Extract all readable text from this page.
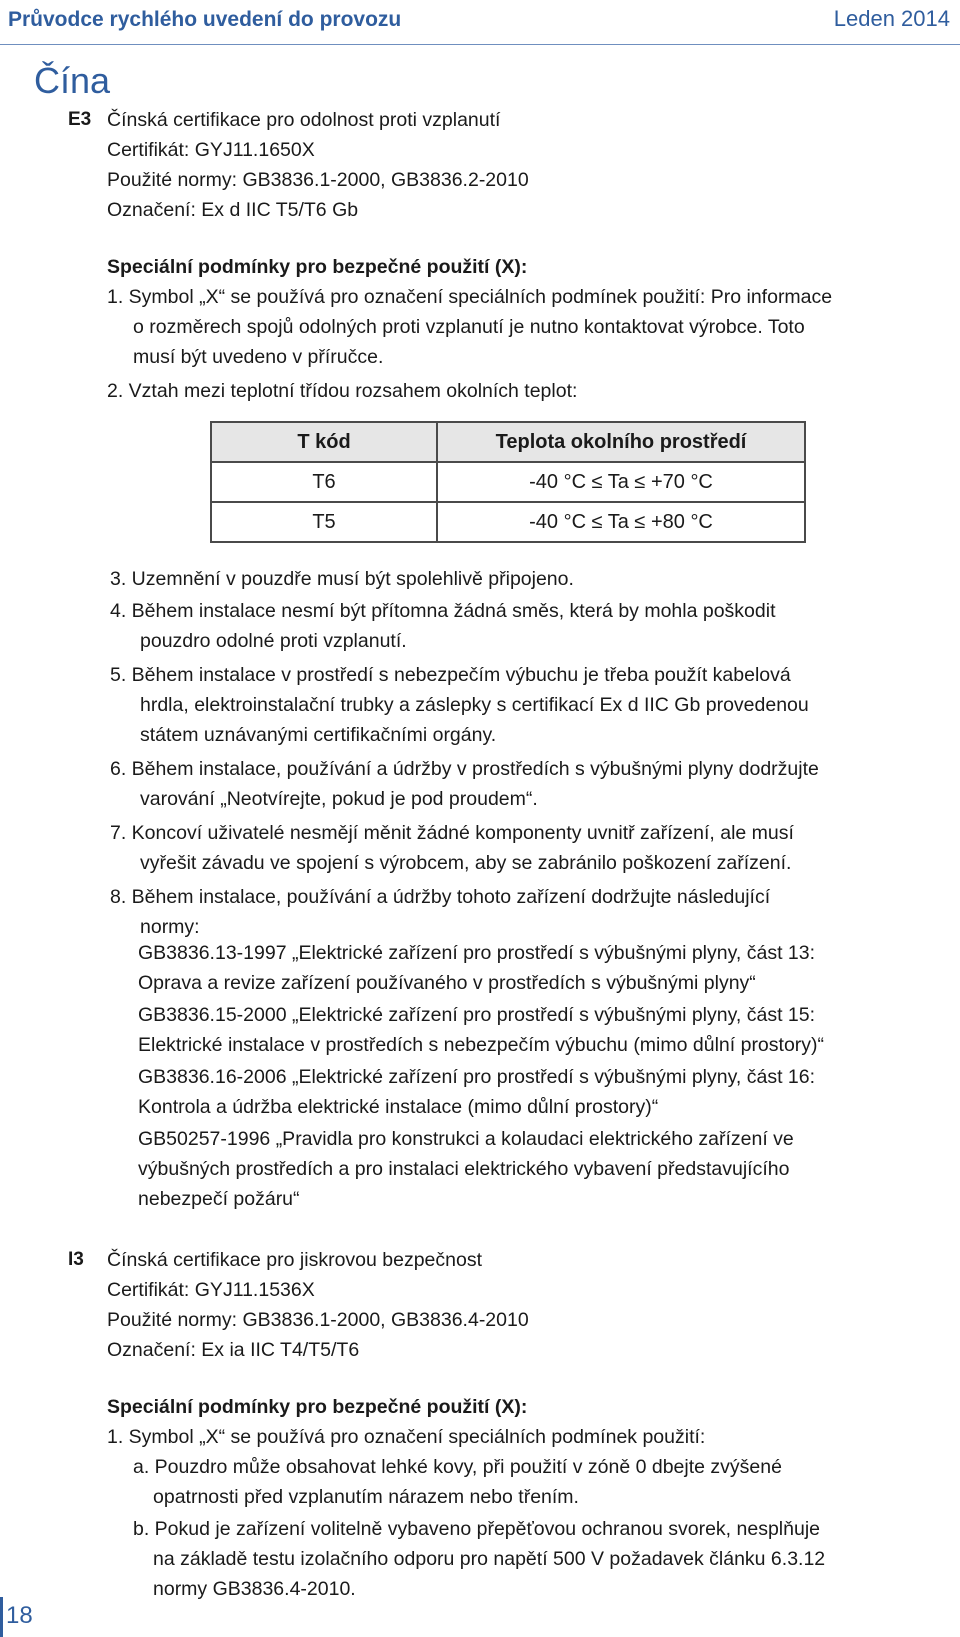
Průvodce rychlého uvedení do provozu	Leden 2014
Čína
E3 Čínská certifikace pro odolnost proti vzplanutí
Certifikát: GYJ11.1650X
Použité normy: GB3836.1-2000, GB3836.2-2010
Označení: Ex d IIC T5/T6 Gb
Speciální podmínky pro bezpečné použití (X):
1. Symbol „X“ se používá pro označení speciálních podmínek použití: Pro informace
o rozměrech spojů odolných proti vzplanutí je nutno kontaktovat výrobce. Toto
musí být uvedeno v příručce.
2. Vztah mezi teplotní třídou rozsahem okolních teplot:
T kód	Teplota okolního prostředí
T6	-40 °C ≤ Ta ≤ +70 °C
T5	-40 °C ≤ Ta ≤ +80 °C
3. Uzemnění v pouzdře musí být spolehlivě připojeno.
4. Během instalace nesmí být přítomna žádná směs, která by mohla poškodit
pouzdro odolné proti vzplanutí.
5. Během instalace v prostředí s nebezpečím výbuchu je třeba použít kabelová
hrdla, elektroinstalační trubky a záslepky s certifikací Ex d IIC Gb provedenou
státem uznávanými certifikačními orgány.
6. Během instalace, používání a údržby v prostředích s výbušnými plyny dodržujte
varování „Neotvírejte, pokud je pod proudem“.
7. Koncoví uživatelé nesmějí měnit žádné komponenty uvnitř zařízení, ale musí
vyřešit závadu ve spojení s výrobcem, aby se zabránilo poškození zařízení.
8. Během instalace, používání a údržby tohoto zařízení dodržujte následující
normy:
GB3836.13-1997 „Elektrické zařízení pro prostředí s výbušnými plyny, část 13:
Oprava a revize zařízení používaného v prostředích s výbušnými plyny“
GB3836.15-2000 „Elektrické zařízení pro prostředí s výbušnými plyny, část 15:
Elektrické instalace v prostředích s nebezpečím výbuchu (mimo důlní prostory)“
GB3836.16-2006 „Elektrické zařízení pro prostředí s výbušnými plyny, část 16:
Kontrola a údržba elektrické instalace (mimo důlní prostory)“
GB50257-1996 „Pravidla pro konstrukci a kolaudaci elektrického zařízení ve
výbušných prostředích a pro instalaci elektrického vybavení představujícího
nebezpečí požáru“
I3 Čínská certifikace pro jiskrovou bezpečnost
Certifikát: GYJ11.1536X
Použité normy: GB3836.1-2000, GB3836.4-2010
Označení: Ex ia IIC T4/T5/T6
Speciální podmínky pro bezpečné použití (X):
1. Symbol „X“ se používá pro označení speciálních podmínek použití:
a. Pouzdro může obsahovat lehké kovy, při použití v zóně 0 dbejte zvýšené
opatrnosti před vzplanutím nárazem nebo třením.
b. Pokud je zařízení volitelně vybaveno přepěťovou ochranou svorek, nesplňuje
na základě testu izolačního odporu pro napětí 500 V požadavek článku 6.3.12
normy GB3836.4-2010.
18
